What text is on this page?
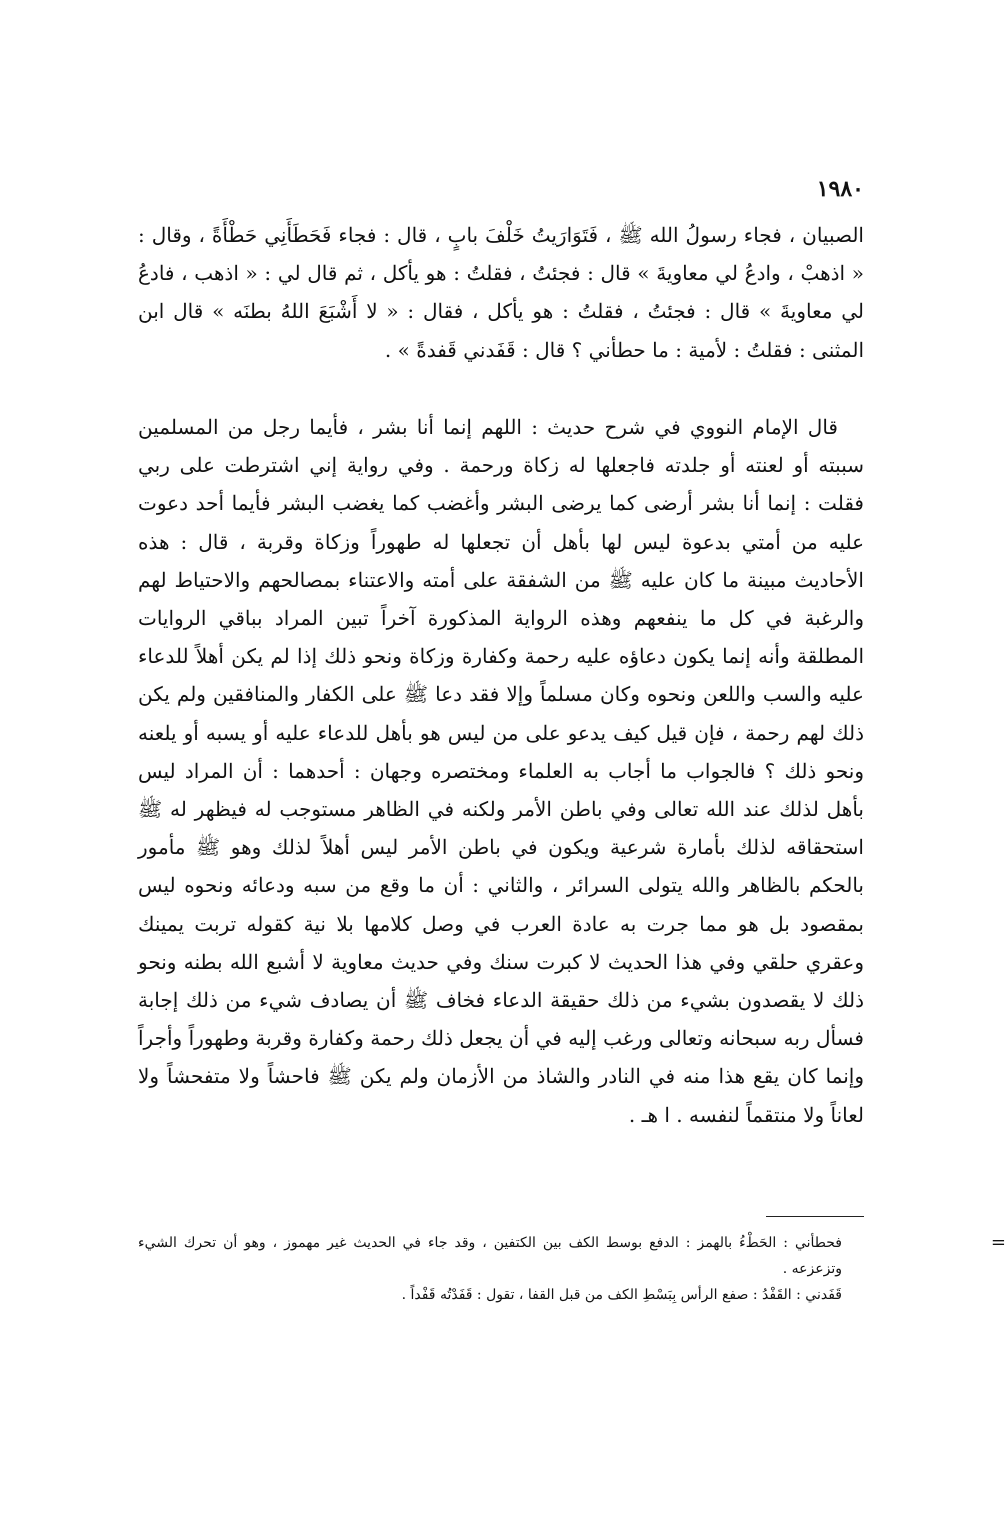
١٩٨٠

الصبيان ، فجاء رسولُ الله ﷺ ، فَتَوَارَيتُ خَلْفَ بابٍ ، قال : فجاء فَحَطَأَنِي حَطْأَةً ، وقال : « اذهبْ ، وادعُ لي معاويةَ » قال : فجئتُ ، فقلتُ : هو يأكل ، ثم قال لي : « اذهب ، فادعُ لي معاويةَ » قال : فجئتُ ، فقلتُ : هو يأكل ، فقال : « لا أَشْبَعَ اللهُ بطنَه » قال ابن المثنى : فقلتُ : لأمية : ما حطأني ؟ قال : قَفَدني قَفدةً » .

قال الإمام النووي في شرح حديث : اللهم إنما أنا بشر ، فأيما رجل من المسلمين سببته أو لعنته أو جلدته فاجعلها له زكاة ورحمة . وفي رواية إني اشترطت على ربي فقلت : إنما أنا بشر أرضى كما يرضى البشر وأغضب كما يغضب البشر فأيما أحد دعوت عليه من أمتي بدعوة ليس لها بأهل أن تجعلها له طهوراً وزكاة وقربة ، قال : هذه الأحاديث مبينة ما كان عليه ﷺ من الشفقة على أمته والاعتناء بمصالحهم والاحتياط لهم والرغبة في كل ما ينفعهم وهذه الرواية المذكورة آخراً تبين المراد بباقي الروايات المطلقة وأنه إنما يكون دعاؤه عليه رحمة وكفارة وزكاة ونحو ذلك إذا لم يكن أهلاً للدعاء عليه والسب واللعن ونحوه وكان مسلماً وإلا فقد دعا ﷺ على الكفار والمنافقين ولم يكن ذلك لهم رحمة ، فإن قيل كيف يدعو على من ليس هو بأهل للدعاء عليه أو يسبه أو يلعنه ونحو ذلك ؟ فالجواب ما أجاب به العلماء ومختصره وجهان : أحدهما : أن المراد ليس بأهل لذلك عند الله تعالى وفي باطن الأمر ولكنه في الظاهر مستوجب له فيظهر له ﷺ استحقاقه لذلك بأمارة شرعية ويكون في باطن الأمر ليس أهلاً لذلك وهو ﷺ مأمور بالحكم بالظاهر والله يتولى السرائر ، والثاني : أن ما وقع من سبه ودعائه ونحوه ليس بمقصود بل هو مما جرت به عادة العرب في وصل كلامها بلا نية كقوله تربت يمينك وعقري حلقي وفي هذا الحديث لا كبرت سنك وفي حديث معاوية لا أشبع الله بطنه ونحو ذلك لا يقصدون بشيء من ذلك حقيقة الدعاء فخاف ﷺ أن يصادف شيء من ذلك إجابة فسأل ربه سبحانه وتعالى ورغب إليه في أن يجعل ذلك رحمة وكفارة وقربة وطهوراً وأجراً وإنما كان يقع هذا منه في النادر والشاذ من الأزمان ولم يكن ﷺ فاحشاً ولا متفحشاً ولا لعاناً ولا منتقماً لنفسه . ا هـ .

=

فحطأني : الحَطْءُ بالهمز : الدفع بوسط الكف بين الكتفين ، وقد جاء في الحديث غير مهموز ، وهو أن تحرك الشيء وتزعزعه .

قَفَدني : القَفْدُ : صفع الرأس بِبَسْطِ الكف من قبل القفا ، تقول : قَفَدْتُه قَفْداً .
